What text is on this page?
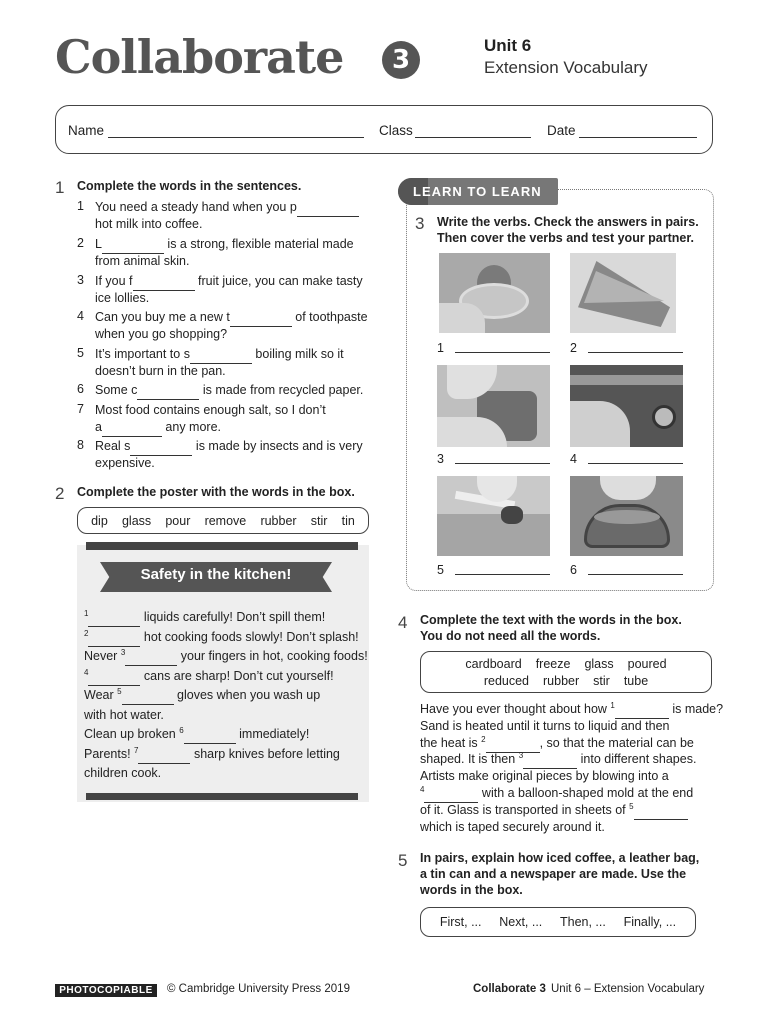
Collaborate	3	Unit 6
Extension Vocabulary
Name	Class	Date
1 Complete the words in the sentences.
1 You need a steady hand when you p
hot milk into coffee.
2 L	is a strong, flexible material made
from animal skin.
3 If you f	fruit juice, you can make tasty
ice lollies.
4 Can you buy me a new t	of toothpaste
when you go shopping?
5 It’s important to s	boiling milk so it
doesn’t burn in the pan.
6 Some c	is made from recycled paper.
7 Most food contains enough salt, so I don’t
a	any more.
8 Real s	is made by insects and is very
expensive.
2 Complete the poster with the words in the box.
dip glass pour remove rubber stir tin
Safety in the kitchen!
$^1$	liquids carefully! Don’t spill them!
$^2$	hot cooking foods slowly! Don’t splash!
Never $^3$	your fingers in hot, cooking foods!
$^4$	cans are sharp! Don’t cut yourself!
Wear $^5$	gloves when you wash up
with hot water.
Clean up broken $^6$	immediately!
Parents! $^7$	sharp knives before letting
children cook.
LEARN TO LEARN
3 Write the verbs. Check the answers in pairs.
Then cover the verbs and test your partner.
1	2
3	4
5	6
4 Complete the text with the words in the box.
You do not need all the words.
cardboard freeze glass poured
reduced rubber stir tube
Have you ever thought about how $^1$	is made?
Sand is heated until it turns to liquid and then
the heat is $^2$	, so that the material can be
shaped. It is then $^3$	into different shapes.
Artists make original pieces by blowing into a
$^4$	with a balloon-shaped mold at the end
of it. Glass is transported in sheets of $^5$
which is taped securely around it.
5 In pairs, explain how iced coffee, a leather bag,
a tin can and a newspaper are made. Use the
words in the box.
First, ... Next, ... Then, ... Finally, ...
PHOTOCOPIABLE	© Cambridge University Press 2019	Collaborate 3 Unit 6 – Extension Vocabulary
